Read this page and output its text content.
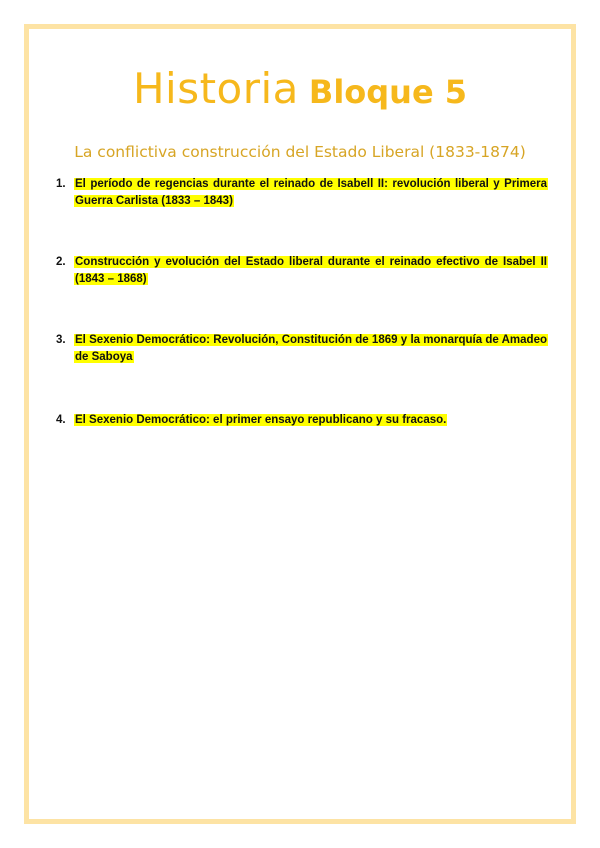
Historia Bloque 5
La conflictiva construcción del Estado Liberal (1833-1874)
1. El período de regencias durante el reinado de Isabell II: revolución liberal y Primera Guerra Carlista (1833 – 1843)
2. Construcción y evolución del Estado liberal durante el reinado efectivo de Isabel II (1843 – 1868)
3. El Sexenio Democrático: Revolución, Constitución de 1869 y la monarquía de Amadeo de Saboya
4. El Sexenio Democrático: el primer ensayo republicano y su fracaso.
